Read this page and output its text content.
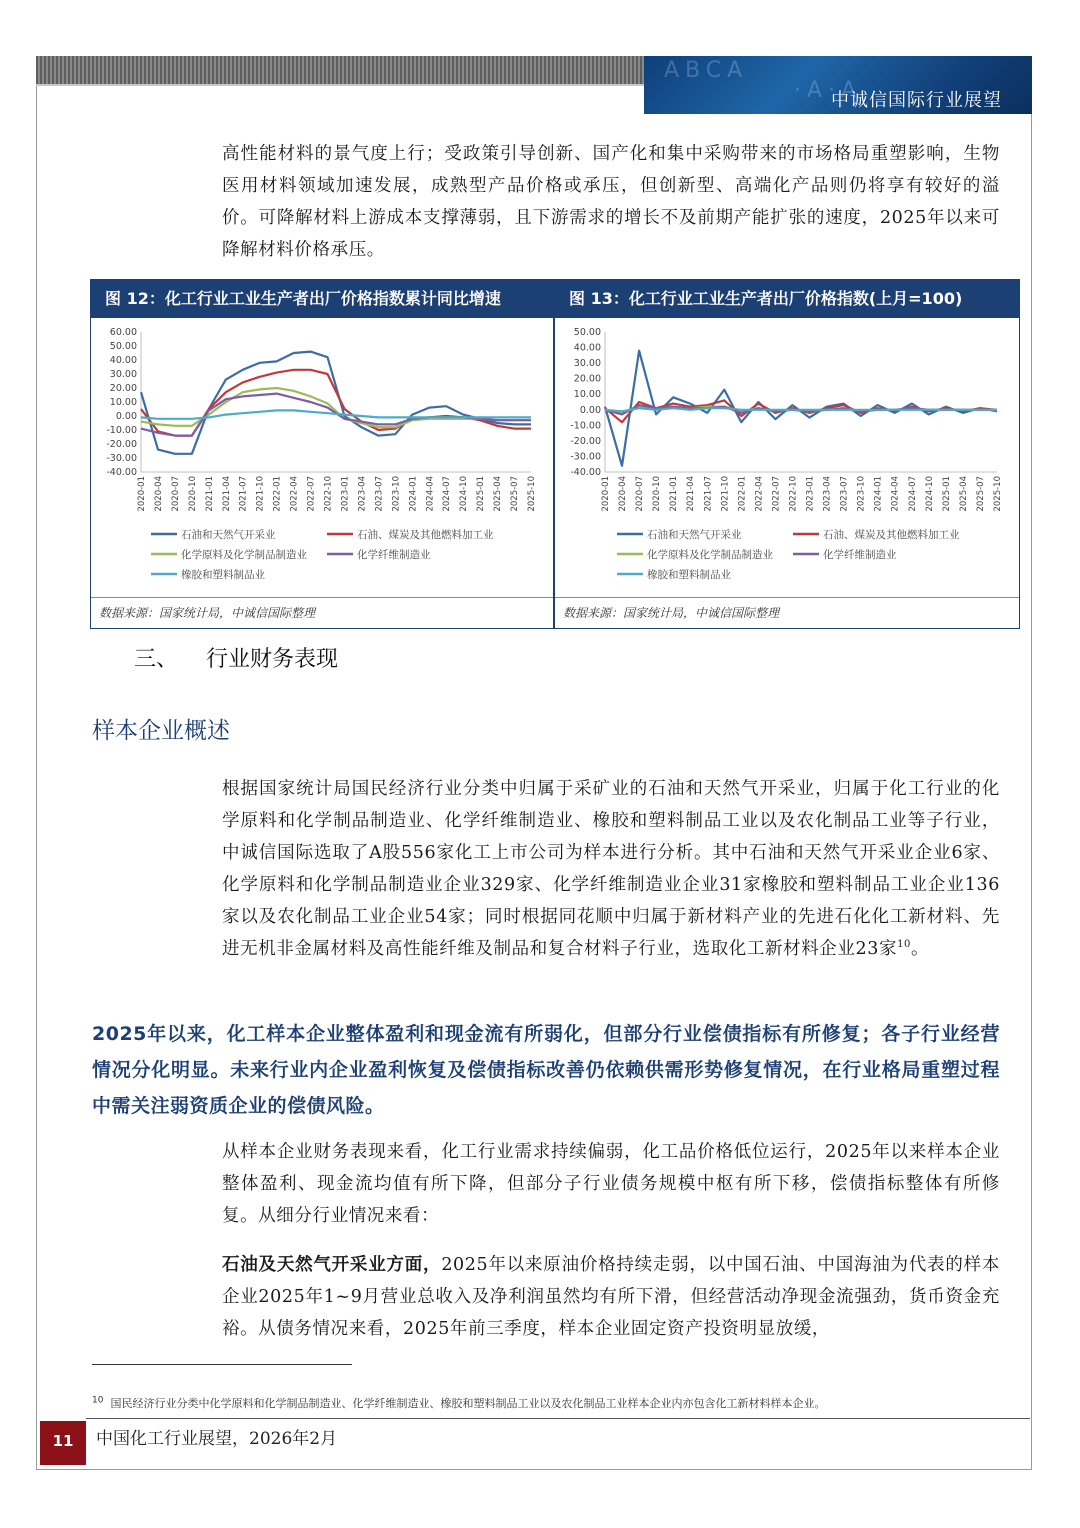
ABCA
·A·A
中诚信国际行业展望

高性能材料的景气度上行；受政策引导创新、国产化和集中采购带来的市场格局重塑影响，生物医用材料领域加速发展，成熟型产品价格或承压，但创新型、高端化产品则仍将享有较好的溢价。可降解材料上游成本支撑薄弱，且下游需求的增长不及前期产能扩张的速度，2025年以来可降解材料价格承压。

图 12：化工行业工业生产者出厂价格指数累计同比增速
60.00
50.00
40.00
30.00
20.00
10.00
0.00
-10.00
-20.00
-30.00
-40.00
2020-01 2020-04 2020-07 2020-10 2021-01 2021-04 2021-07 2021-10 2022-01 2022-04 2022-07 2022-10 2023-01 2023-04 2023-07 2023-10 2024-01 2024-04 2024-07 2024-10 2025-01 2025-04 2025-07 2025-10
石油和天然气开采业	石油、煤炭及其他燃料加工业
化学原料及化学制品制造业	化学纤维制造业
橡胶和塑料制品业
数据来源：国家统计局，中诚信国际整理
图 13：化工行业工业生产者出厂价格指数(上月=100)
50.00
40.00
30.00
20.00
10.00
0.00
-10.00
-20.00
-30.00
-40.00
2020-01 2020-04 2020-07 2020-10 2021-01 2021-04 2021-07 2021-10 2022-01 2022-04 2022-07 2022-10 2023-01 2023-04 2023-07 2023-10 2024-01 2024-04 2024-07 2024-10 2025-01 2025-04 2025-07 2025-10
石油和天然气开采业	石油、煤炭及其他燃料加工业
化学原料及化学制品制造业	化学纤维制造业
橡胶和塑料制品业
数据来源：国家统计局，中诚信国际整理
三、 行业财务表现
样本企业概述

根据国家统计局国民经济行业分类中归属于采矿业的石油和天然气开采业，归属于化工行业的化学原料和化学制品制造业、化学纤维制造业、橡胶和塑料制品工业以及农化制品工业等子行业，中诚信国际选取了A股556家化工上市公司为样本进行分析。其中石油和天然气开采业企业6家、化学原料和化学制品制造业企业329家、化学纤维制造业企业31家橡胶和塑料制品工业企业136家以及农化制品工业企业54家；同时根据同花顺中归属于新材料产业的先进石化化工新材料、先进无机非金属材料及高性能纤维及制品和复合材料子行业，选取化工新材料企业23家$^{10}$。

2025年以来，化工样本企业整体盈利和现金流有所弱化，但部分行业偿债指标有所修复；各子行业经营情况分化明显。未来行业内企业盈利恢复及偿债指标改善仍依赖供需形势修复情况，在行业格局重塑过程中需关注弱资质企业的偿债风险。

从样本企业财务表现来看，化工行业需求持续偏弱，化工品价格低位运行，2025年以来样本企业整体盈利、现金流均值有所下降，但部分子行业债务规模中枢有所下移，偿债指标整体有所修复。从细分行业情况来看：

石油及天然气开采业方面，2025年以来原油价格持续走弱，以中国石油、中国海油为代表的样本企业2025年1~9月营业总收入及净利润虽然均有所下滑，但经营活动净现金流强劲，货币资金充裕。从债务情况来看，2025年前三季度，样本企业固定资产投资明显放缓，

$^{10}$ 国民经济行业分类中化学原料和化学制品制造业、化学纤维制造业、橡胶和塑料制品工业以及农化制品工业样本企业内亦包含化工新材料样本企业。

11	中国化工行业展望，2026年2月
